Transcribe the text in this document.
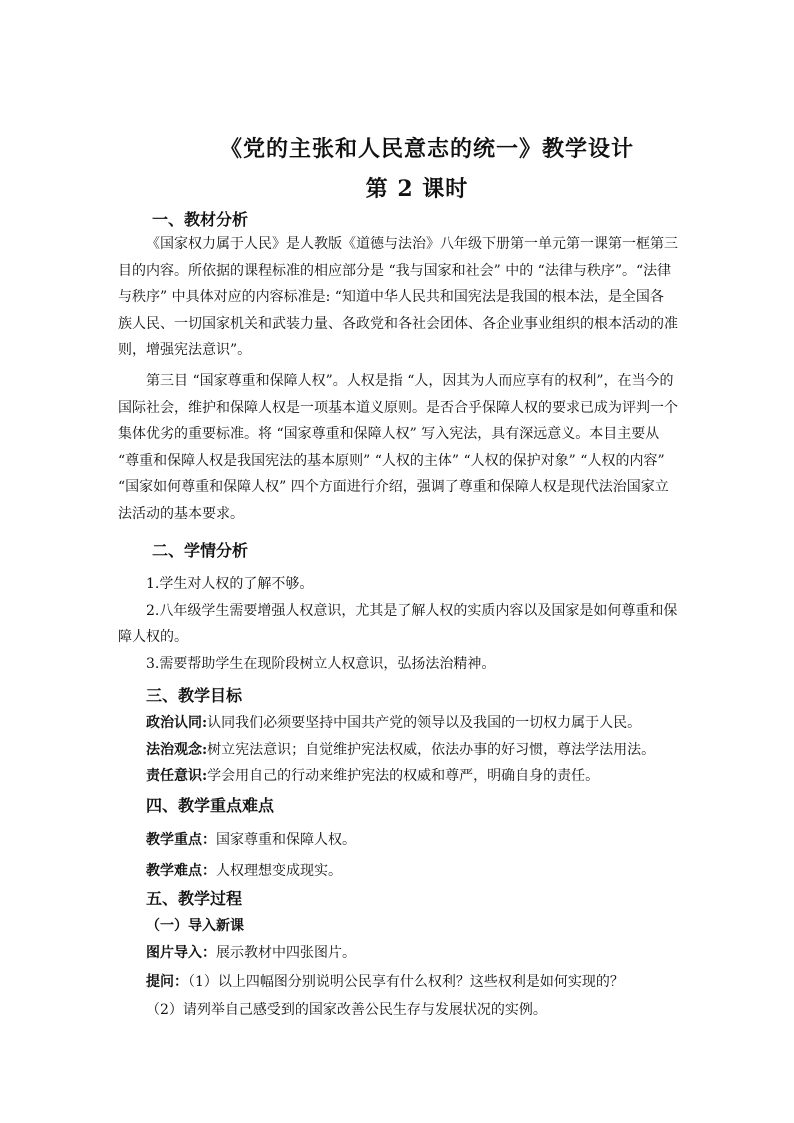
《党的主张和人民意志的统一》教学设计
第 2 课时
一、教材分析
《国家权力属于人民》是人教版《道德与法治》八年级下册第一单元第一课第一框第三
目的内容。所依据的课程标准的相应部分是 “我与国家和社会” 中的 “法律与秩序”。“法律
与秩序” 中具体对应的内容标准是: “知道中华人民共和国宪法是我国的根本法，是全国各
族人民、一切国家机关和武装力量、各政党和各社会团体、各企业事业组织的根本活动的准
则，增强宪法意识”。
第三目 “国家尊重和保障人权”。人权是指 “人，因其为人而应享有的权利”，在当今的
国际社会，维护和保障人权是一项基本道义原则。是否合乎保障人权的要求已成为评判一个
集体优劣的重要标准。将 “国家尊重和保障人权” 写入宪法，具有深远意义。本目主要从
“尊重和保障人权是我国宪法的基本原则” “人权的主体” “人权的保护对象” “人权的内容”
“国家如何尊重和保障人权” 四个方面进行介绍，强调了尊重和保障人权是现代法治国家立
法活动的基本要求。
二、学情分析
1.学生对人权的了解不够。
2.八年级学生需要增强人权意识，尤其是了解人权的实质内容以及国家是如何尊重和保
障人权的。
3.需要帮助学生在现阶段树立人权意识，弘扬法治精神。
三、教学目标
政治认同:认同我们必须要坚持中国共产党的领导以及我国的一切权力属于人民。
法治观念:树立宪法意识；自觉维护宪法权威，依法办事的好习惯，尊法学法用法。
责任意识:学会用自己的行动来维护宪法的权威和尊严，明确自身的责任。
四、教学重点难点
教学重点：国家尊重和保障人权。
教学难点：人权理想变成现实。
五、教学过程
（一）导入新课
图片导入：展示教材中四张图片。
提问：（1）以上四幅图分别说明公民享有什么权利？这些权利是如何实现的？
（2）请列举自己感受到的国家改善公民生存与发展状况的实例。
